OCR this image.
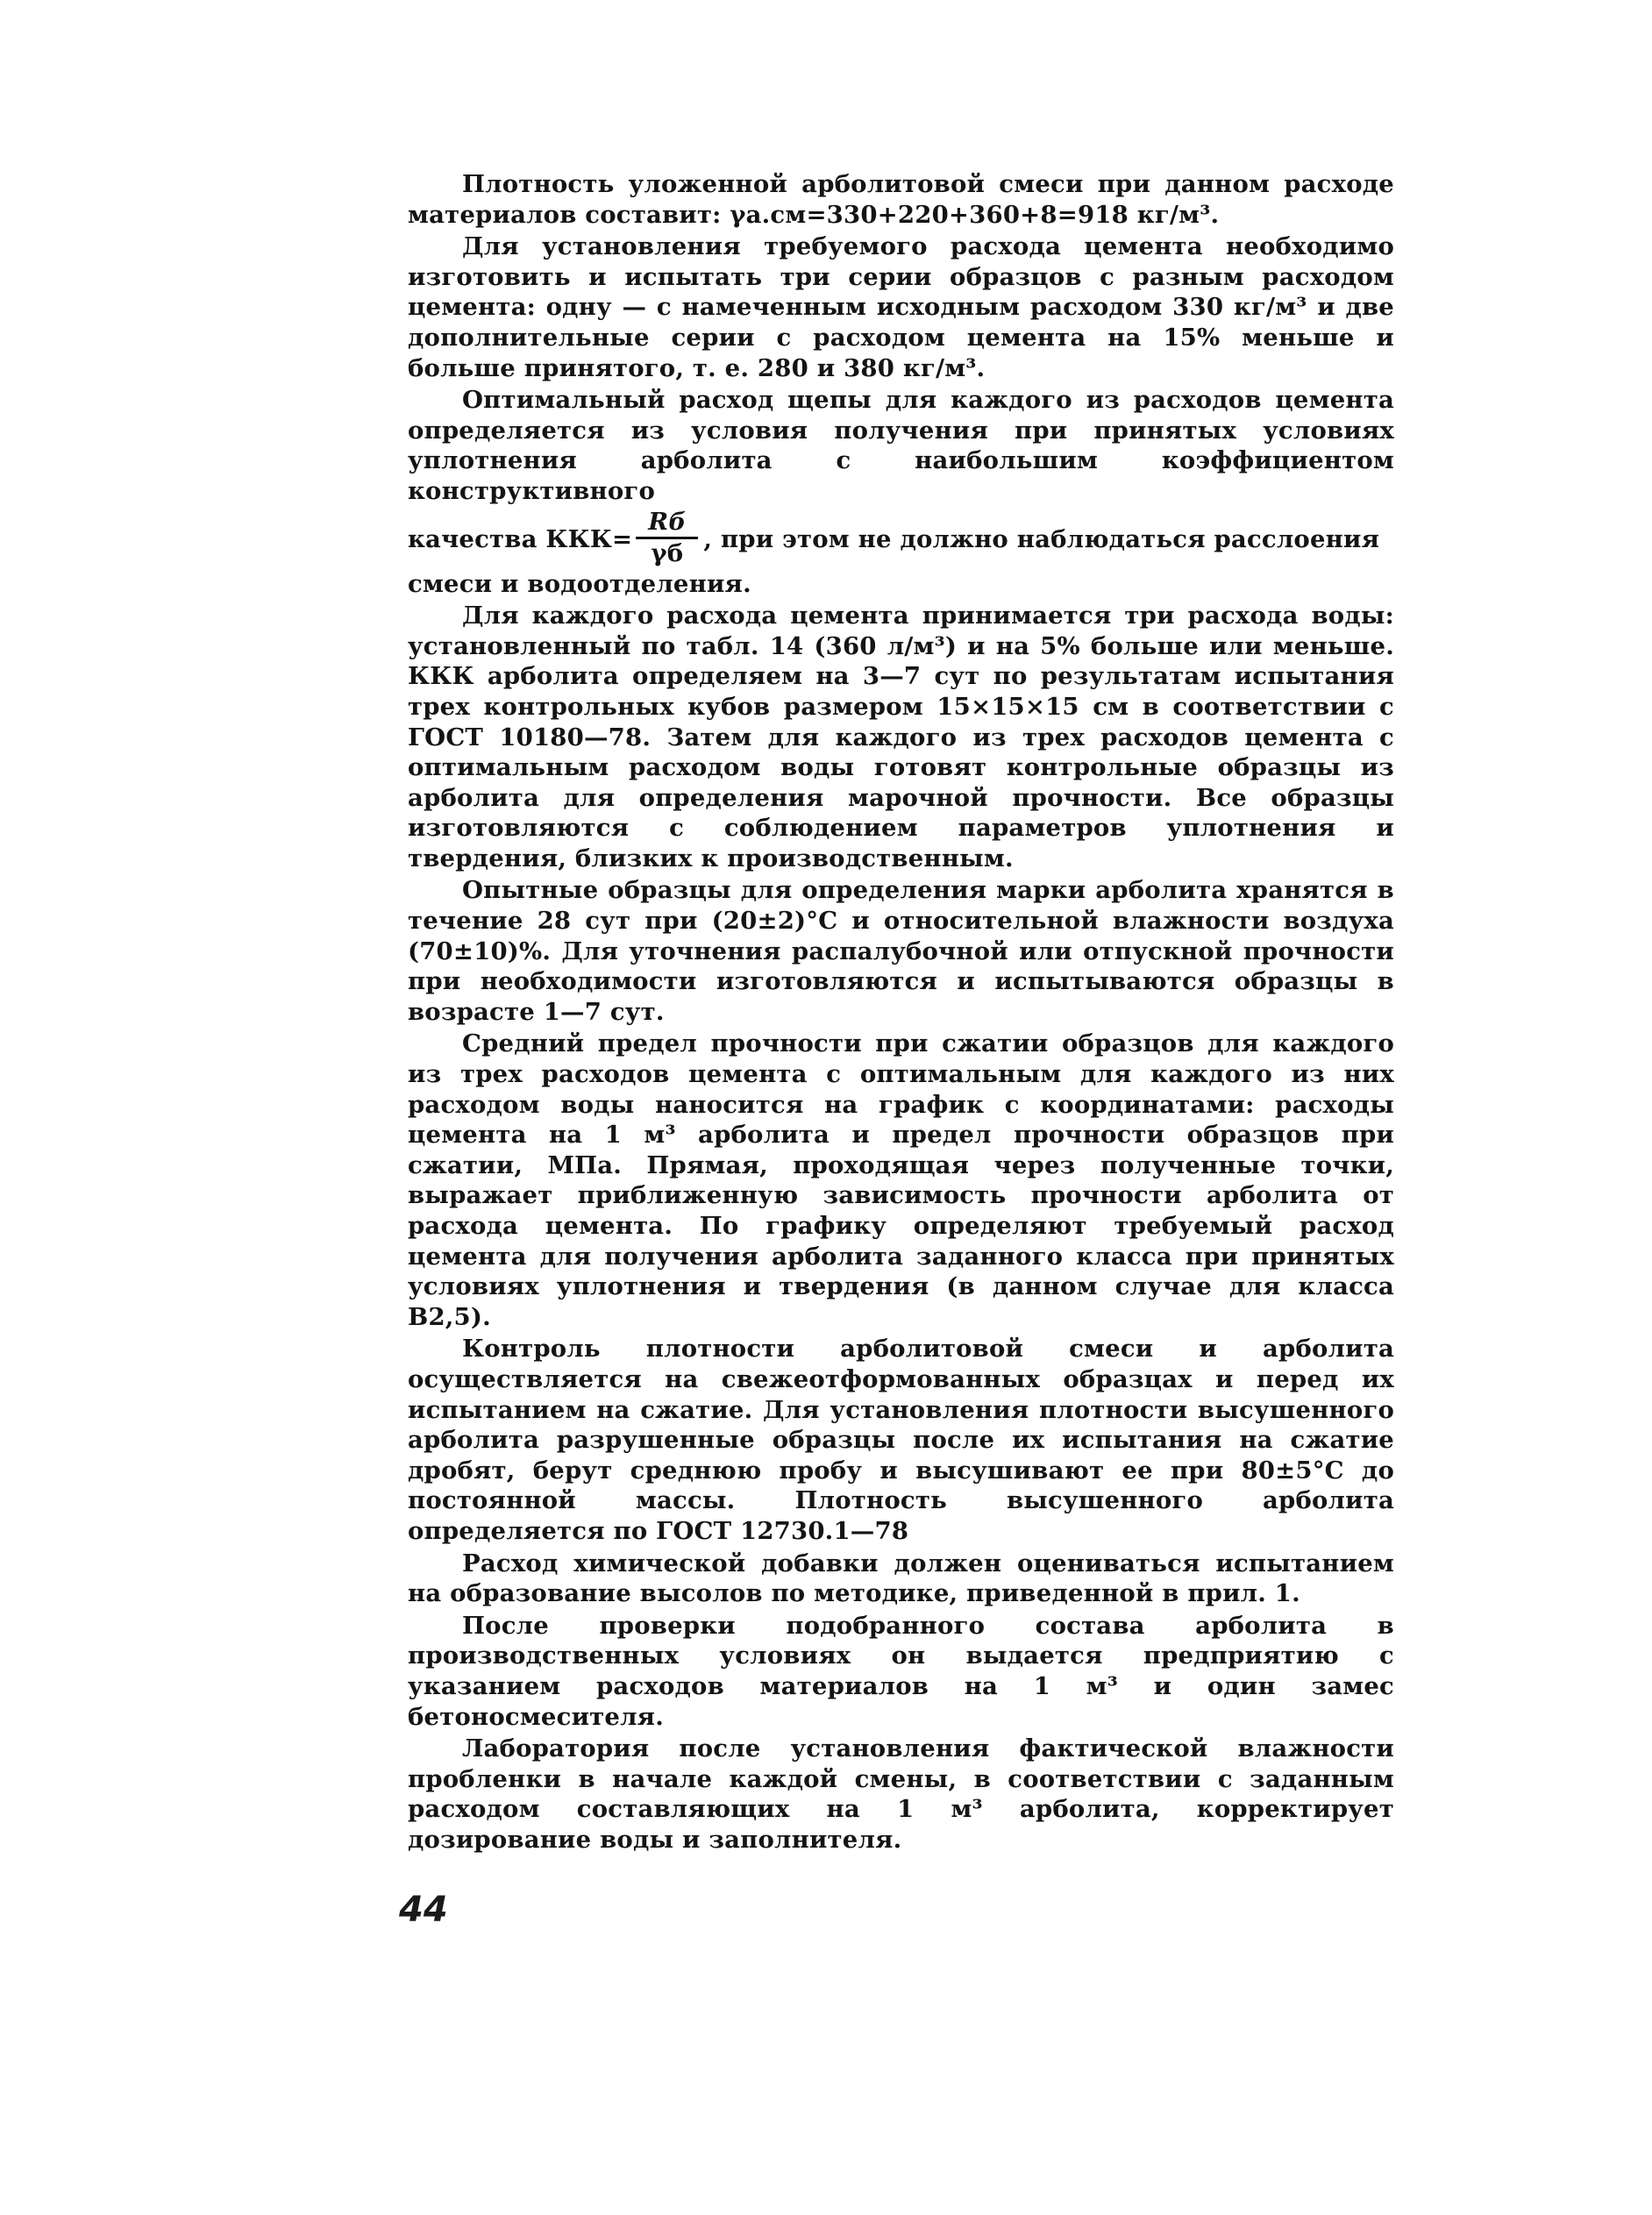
Плотность уложенной арболитовой смеси при данном расходе материалов составит: γа.см=330+220+360+8=918 кг/м³.

Для установления требуемого расхода цемента необходимо изготовить и испытать три серии образцов с разным расходом цемента: одну — с намеченным исходным расходом 330 кг/м³ и две дополнительные серии с расходом цемента на 15% меньше и больше принятого, т. е. 280 и 380 кг/м³.

Оптимальный расход щепы для каждого из расходов цемента определяется из условия получения при принятых условиях уплотнения арболита с наибольшим коэффициентом конструктивного

качества $ККК= \frac{Rб}{\gamma б}$ , при этом не должно наблюдаться расслоения

смеси и водоотделения.

Для каждого расхода цемента принимается три расхода воды: установленный по табл. 14 (360 л/м³) и на 5% больше или меньше. ККК арболита определяем на 3—7 сут по результатам испытания трех контрольных кубов размером 15×15×15 см в соответствии с ГОСТ 10180—78. Затем для каждого из трех расходов цемента с оптимальным расходом воды готовят контрольные образцы из арболита для определения марочной прочности. Все образцы изготовляются с соблюдением параметров уплотнения и твердения, близких к производственным.

Опытные образцы для определения марки арболита хранятся в течение 28 сут при (20±2)°С и относительной влажности воздуха (70±10)%. Для уточнения распалубочной или отпускной прочности при необходимости изготовляются и испытываются образцы в возрасте 1—7 сут.

Средний предел прочности при сжатии образцов для каждого из трех расходов цемента с оптимальным для каждого из них расходом воды наносится на график с координатами: расходы цемента на 1 м³ арболита и предел прочности образцов при сжатии, МПа. Прямая, проходящая через полученные точки, выражает приближенную зависимость прочности арболита от расхода цемента. По графику определяют требуемый расход цемента для получения арболита заданного класса при принятых условиях уплотнения и твердения (в данном случае для класса В2,5).

Контроль плотности арболитовой смеси и арболита осуществляется на свежеотформованных образцах и перед их испытанием на сжатие. Для установления плотности высушенного арболита разрушенные образцы после их испытания на сжатие дробят, берут среднюю пробу и высушивают ее при 80±5°С до постоянной массы. Плотность высушенного арболита определяется по ГОСТ 12730.1—78

Расход химической добавки должен оцениваться испытанием на образование высолов по методике, приведенной в прил. 1.

После проверки подобранного состава арболита в производственных условиях он выдается предприятию с указанием расходов материалов на 1 м³ и один замес бетоносмесителя.

Лаборатория после установления фактической влажности пробленки в начале каждой смены, в соответствии с заданным расходом составляющих на 1 м³ арболита, корректирует дозирование воды и заполнителя.

44
